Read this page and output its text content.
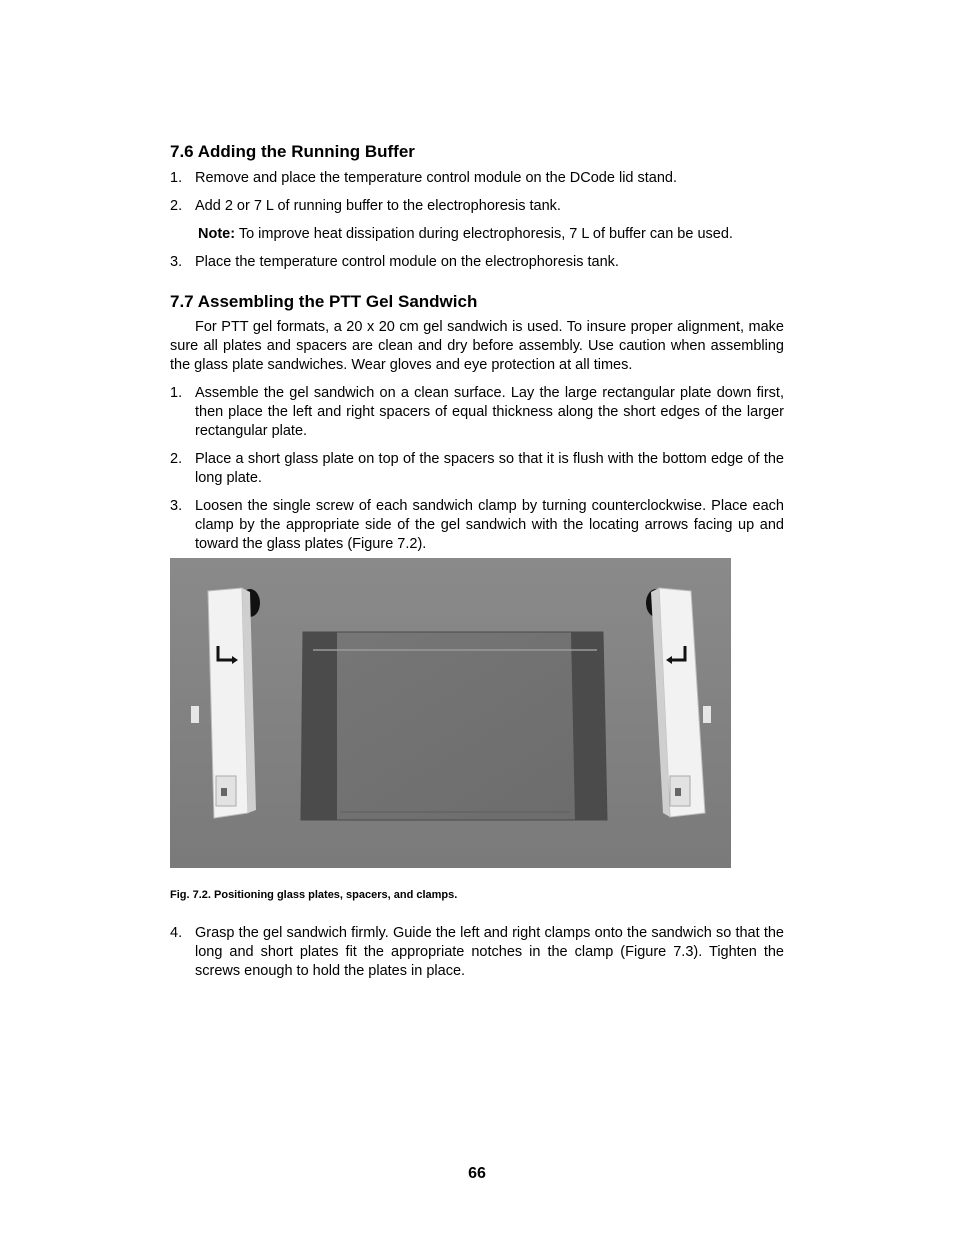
7.6 Adding the Running Buffer
1. Remove and place the temperature control module on the DCode lid stand.
2. Add 2 or 7 L of running buffer to the electrophoresis tank.
Note: To improve heat dissipation during electrophoresis, 7 L of buffer can be used.
3. Place the temperature control module on the electrophoresis tank.
7.7 Assembling the PTT Gel Sandwich

For PTT gel formats, a 20 x 20 cm gel sandwich is used. To insure proper alignment, make sure all plates and spacers are clean and dry before assembly. Use caution when assembling the glass plate sandwiches. Wear gloves and eye protection at all times.

1. Assemble the gel sandwich on a clean surface. Lay the large rectangular plate down first, then place the left and right spacers of equal thickness along the short edges of the larger rectangular plate.
2. Place a short glass plate on top of the spacers so that it is flush with the bottom edge of the long plate.
3. Loosen the single screw of each sandwich clamp by turning counterclockwise. Place each clamp by the appropriate side of the gel sandwich with the locating arrows facing up and toward the glass plates (Figure 7.2).
Fig. 7.2. Positioning glass plates, spacers, and clamps.
4. Grasp the gel sandwich firmly. Guide the left and right clamps onto the sandwich so that the long and short plates fit the appropriate notches in the clamp (Figure 7.3). Tighten the screws enough to hold the plates in place.
66
